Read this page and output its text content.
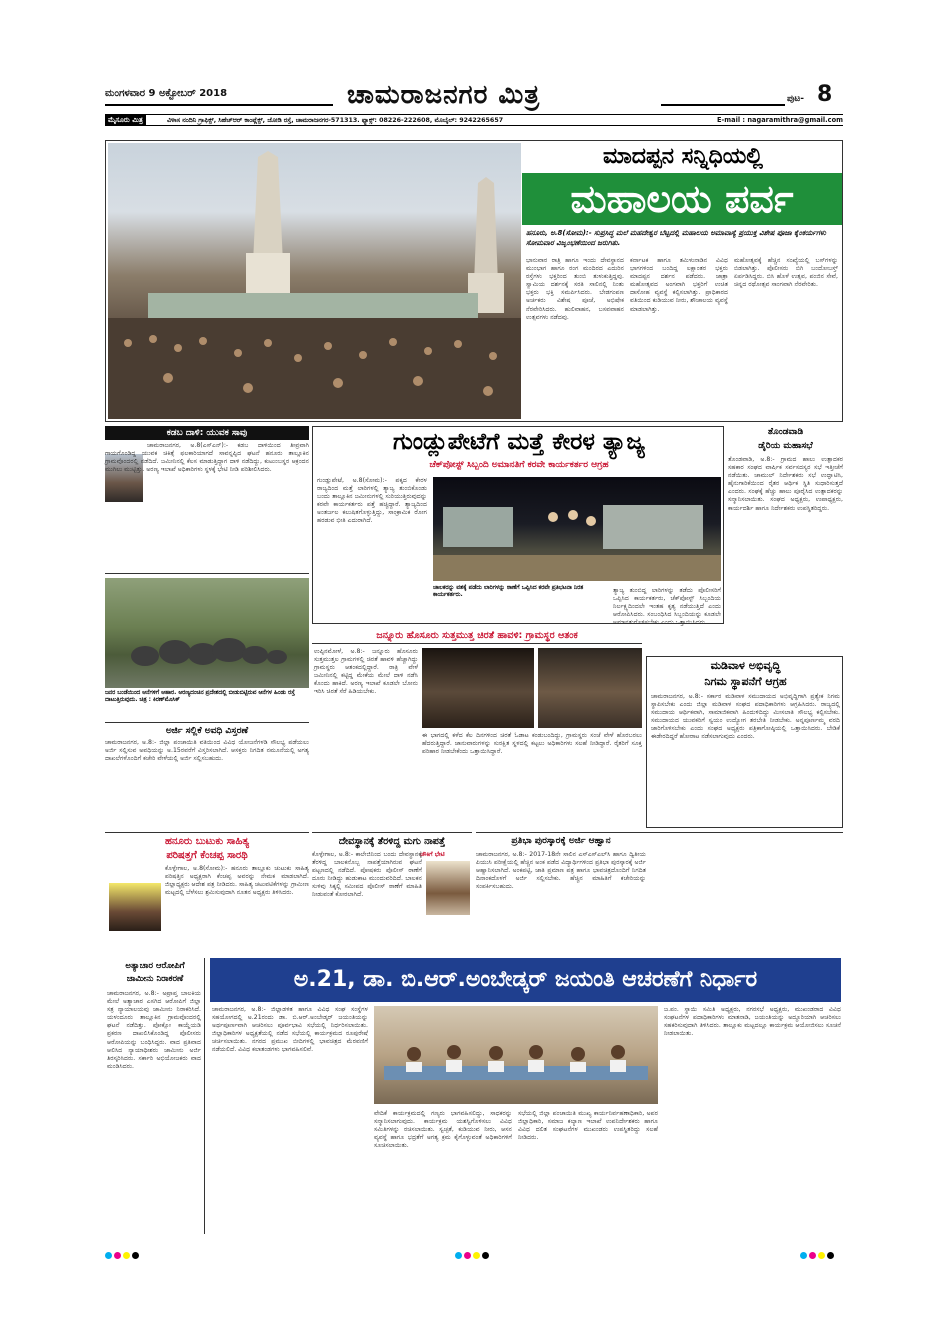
ಮಂಗಳವಾರ 9 ಅಕ್ಟೋಬರ್ 2018	ಚಾಮರಾಜನಗರ ಮಿತ್ರ	ಪುಟ- 8
ಮೈಸೂರು ಮಿತ್ರ	ವಿಳಾಸ ನಂದಿನಿ ಗ್ರಾಫಿಕ್ಸ್, ಸಿಹೆಚ್‌ಆರ್ ಕಾಂಪ್ಲೆಕ್ಸ್, ಜೋಡಿ ರಸ್ತೆ, ಚಾಮರಾಜನಗರ-571313. ಫ್ಯಾಕ್ಸ್: 08226-222608, ಮೊಬೈಲ್: 9242265657	E-mail : nagaramithra@gmail.com
ಮಾದಪ್ಪನ ಸನ್ನಿಧಿಯಲ್ಲಿ
ಮಹಾಲಯ ಪರ್ವ
ಹನೂರು, ಅ.8(ಸೋಮ):- ಸುಪ್ರಸಿದ್ಧ ಮಲೆ ಮಹದೇಶ್ವರ ಬೆಟ್ಟದಲ್ಲಿ ಮಹಾಲಯ ಅಮಾವಾಸ್ಯೆ ಪ್ರಯುಕ್ತ ವಿಶೇಷ ಪೂಜಾ ಕೈಂಕರ್ಯಗಳು ಸೋಮವಾರ ವಿಜೃಂಭಣೆಯಿಂದ ಜರುಗಿತು.
ಭಾನುವಾರ ರಾತ್ರಿ ಹಾಗೂ ಇಂದು ದೇವಸ್ಥಾನದ ಮುಂಭಾಗ ಹಾಗೂ ರಂಗ ಮಂದಿರದ ಎದುರಿನ ರಸ್ತೆಗಳು ಭಕ್ತರಿಂದ ತುಂಬಿ ತುಳುಕುತ್ತಿದ್ದವು. ಸ್ವಾಮಿಯ ದರ್ಶನಕ್ಕೆ ಸರತಿ ಸಾಲಿನಲ್ಲಿ ನಿಂತು ಭಕ್ತರು ಭಕ್ತಿ ಸಮರ್ಪಿಸಿದರು. ಬೇಡಗಂಪಣ ಅರ್ಚಕರು ವಿಶೇಷ ಪೂಜೆ, ಅಭಿಷೇಕ ನೆರವೇರಿಸಿದರು. ಹುಲಿವಾಹನ, ಬಸವವಾಹನ ಉತ್ಸವಗಳು ನಡೆದವು.
ಕರ್ನಾಟಕ ಹಾಗೂ ತಮಿಳುನಾಡಿನ ವಿವಿಧ ಭಾಗಗಳಿಂದ ಬಂದಿದ್ದ ಲಕ್ಷಾಂತರ ಭಕ್ತರು ಮಾದಪ್ಪನ ದರ್ಶನ ಪಡೆದರು. ಜಾತ್ರಾ ಮಹೋತ್ಸವದ ಅಂಗವಾಗಿ ಭಕ್ತರಿಗೆ ಉಚಿತ ದಾಸೋಹ ವ್ಯವಸ್ಥೆ ಕಲ್ಪಿಸಲಾಗಿತ್ತು. ಪ್ರಾಧಿಕಾರದ ವತಿಯಿಂದ ಕುಡಿಯುವ ನೀರು, ಶೌಚಾಲಯ ವ್ಯವಸ್ಥೆ ಮಾಡಲಾಗಿತ್ತು.
ಮಹೋತ್ಸವಕ್ಕೆ ಹೆಚ್ಚಿನ ಸಂಖ್ಯೆಯಲ್ಲಿ ಬಸ್‌ಗಳನ್ನು ಬಿಡಲಾಗಿತ್ತು. ಪೊಲೀಸರು ಬಿಗಿ ಬಂದೋಬಸ್ತ್ ಏರ್ಪಡಿಸಿದ್ದರು. ಬಿಸಿ ಹೊಳೆ ಉತ್ಸವ, ಪಂಜಿನ ಸೇವೆ, ಚಿನ್ನದ ರಥೋತ್ಸವ ಸಾಂಗವಾಗಿ ನೆರವೇರಿತು.
ಕಡಬ ದಾಳಿ: ಯುವಕ ಸಾವು
ಚಾಮರಾಜನಗರ, ಅ.8(ಎಸ್‌ಎನ್):- ಕಡಬ ದಾಳಿಯಿಂದ ತೀವ್ರವಾಗಿ ಗಾಯಗೊಂಡಿದ್ದ ಯುವಕ ಚಿಕಿತ್ಸೆ ಫಲಕಾರಿಯಾಗದೆ ಸಾವನ್ನಪ್ಪಿದ ಘಟನೆ ಹನೂರು ತಾಲ್ಲೂಕಿನ ಗ್ರಾಮವೊಂದರಲ್ಲಿ ನಡೆದಿದೆ. ಜಮೀನಿನಲ್ಲಿ ಕೆಲಸ ಮಾಡುತ್ತಿದ್ದಾಗ ದಾಳಿ ನಡೆದಿದ್ದು, ಕುಟುಂಬಸ್ಥರ ಆಕ್ರಂದನ ಮುಗಿಲು ಮುಟ್ಟಿತ್ತು. ಅರಣ್ಯ ಇಲಾಖೆ ಅಧಿಕಾರಿಗಳು ಸ್ಥಳಕ್ಕೆ ಭೇಟಿ ನೀಡಿ ಪರಿಶೀಲಿಸಿದರು.
ಜನರ ಬಂಡೆಯಿಂದ ಆನೆಗಳಿಗೆ ಆಹಾರ. ಅರಣ್ಯದಂಚಿನ ಪ್ರದೇಶದಲ್ಲಿ ಬೀಡುಬಿಟ್ಟಿರುವ ಆನೆಗಳ ಹಿಂಡು ರಸ್ತೆ ದಾಟುತ್ತಿರುವುದು. ಚಿತ್ರ : ಕಿರಣ್‌ಮೊಸಿಕ್
ಅರ್ಜಿ ಸಲ್ಲಿಕೆ ಅವಧಿ ವಿಸ್ತರಣೆ
ಚಾಮರಾಜನಗರ, ಅ.8:- ಜಿಲ್ಲಾ ಪಂಚಾಯಿತಿ ವತಿಯಿಂದ ವಿವಿಧ ಯೋಜನೆಗಳಡಿ ಸೌಲಭ್ಯ ಪಡೆಯಲು ಅರ್ಜಿ ಸಲ್ಲಿಸುವ ಅವಧಿಯನ್ನು ಅ.15ರವರೆಗೆ ವಿಸ್ತರಿಸಲಾಗಿದೆ. ಆಸಕ್ತರು ನಿಗದಿತ ನಮೂನೆಯಲ್ಲಿ ಅಗತ್ಯ ದಾಖಲೆಗಳೊಂದಿಗೆ ಕಚೇರಿ ವೇಳೆಯಲ್ಲಿ ಅರ್ಜಿ ಸಲ್ಲಿಸಬಹುದು.
ಗುಂಡ್ಲುಪೇಟೆಗೆ ಮತ್ತೆ ಕೇರಳ ತ್ಯಾಜ್ಯ
ಚೆಕ್‌ಪೋಸ್ಟ್ ಸಿಬ್ಬಂದಿ ಅಮಾನತಿಗೆ ಕರವೇ ಕಾರ್ಯಕರ್ತರ ಆಗ್ರಹ
ಗುಂಡ್ಲುಪೇಟೆ, ಅ.8(ಸೋಮ):- ಪಕ್ಕದ ಕೇರಳ ರಾಜ್ಯದಿಂದ ಮತ್ತೆ ಲಾರಿಗಳಲ್ಲಿ ತ್ಯಾಜ್ಯ ತುಂಬಿಕೊಂಡು ಬಂದು ತಾಲ್ಲೂಕಿನ ಜಮೀನುಗಳಲ್ಲಿ ಸುರಿಯುತ್ತಿರುವುದನ್ನು ಕರವೇ ಕಾರ್ಯಕರ್ತರು ಪತ್ತೆ ಹಚ್ಚಿದ್ದಾರೆ. ತ್ಯಾಜ್ಯದಿಂದ ಅಂತರ್ಜಲ ಕಲುಷಿತಗೊಳ್ಳುತ್ತಿದ್ದು, ಸಾಂಕ್ರಾಮಿಕ ರೋಗ ಹರಡುವ ಭೀತಿ ಎದುರಾಗಿದೆ.
ತ್ಯಾಜ್ಯ ತುಂಬಿದ್ದ ಲಾರಿಗಳನ್ನು ತಡೆದು ಪೊಲೀಸರಿಗೆ ಒಪ್ಪಿಸಿದ ಕಾರ್ಯಕರ್ತರು, ಚೆಕ್‌ಪೋಸ್ಟ್ ಸಿಬ್ಬಂದಿಯ ನಿರ್ಲಕ್ಷ್ಯದಿಂದಲೇ ಇಂತಹ ಕೃತ್ಯ ನಡೆಯುತ್ತಿದೆ ಎಂದು ಆರೋಪಿಸಿದರು. ಸಂಬಂಧಿಸಿದ ಸಿಬ್ಬಂದಿಯನ್ನು ಕೂಡಲೇ ಅಮಾನತುಗೊಳಿಸಬೇಕು ಎಂದು ಒತ್ತಾಯಿಸಿದರು.
ಚಾಲಕರನ್ನು ವಶಕ್ಕೆ ಪಡೆದು ಲಾರಿಗಳನ್ನು ಠಾಣೆಗೆ ಒಪ್ಪಿಸಿದ ಕರವೇ ಪ್ರತಿಭಟನಾ ನಿರತ ಕಾರ್ಯಕರ್ತರು.
ತೊಂಡವಾಡಿ
ಡೈರಿಯ ಮಹಾಸಭೆ
ತೊಂಡವಾಡಿ, ಅ.8:- ಗ್ರಾಮದ ಹಾಲು ಉತ್ಪಾದಕರ ಸಹಕಾರ ಸಂಘದ ವಾರ್ಷಿಕ ಸರ್ವಸದಸ್ಯರ ಸಭೆ ಇತ್ತೀಚೆಗೆ ನಡೆಯಿತು. ಚಾಮುಲ್ ನಿರ್ದೇಶಕರು ಸಭೆ ಉದ್ಘಾಟಿಸಿ, ಹೈನುಗಾರಿಕೆಯಿಂದ ರೈತರ ಆರ್ಥಿಕ ಸ್ಥಿತಿ ಸುಧಾರಿಸುತ್ತದೆ ಎಂದರು. ಸಂಘಕ್ಕೆ ಹೆಚ್ಚು ಹಾಲು ಪೂರೈಸಿದ ಉತ್ಪಾದಕರನ್ನು ಸನ್ಮಾನಿಸಲಾಯಿತು. ಸಂಘದ ಅಧ್ಯಕ್ಷರು, ಉಪಾಧ್ಯಕ್ಷರು, ಕಾರ್ಯದರ್ಶಿ ಹಾಗೂ ನಿರ್ದೇಶಕರು ಉಪಸ್ಥಿತರಿದ್ದರು.
ಜನ್ನೂರು ಹೊಸೂರು ಸುತ್ತಮುತ್ತ ಚಿರತೆ ಹಾವಳಿ: ಗ್ರಾಮಸ್ಥರ ಆತಂಕ
ಉಪ್ಪಿನಮೋಳೆ, ಅ.8:- ಜನ್ನೂರು ಹೊಸೂರು ಸುತ್ತಮುತ್ತಲ ಗ್ರಾಮಗಳಲ್ಲಿ ಚಿರತೆ ಹಾವಳಿ ಹೆಚ್ಚಾಗಿದ್ದು ಗ್ರಾಮಸ್ಥರು ಆತಂಕದಲ್ಲಿದ್ದಾರೆ. ರಾತ್ರಿ ವೇಳೆ ಜಮೀನಿನಲ್ಲಿ ಕಟ್ಟಿದ್ದ ಮೇಕೆಯ ಮೇಲೆ ದಾಳಿ ನಡೆಸಿ ಕೊಂದು ಹಾಕಿದೆ. ಅರಣ್ಯ ಇಲಾಖೆ ಕೂಡಲೇ ಬೋನು ಇರಿಸಿ ಚಿರತೆ ಸೆರೆ ಹಿಡಿಯಬೇಕು.
ಈ ಭಾಗದಲ್ಲಿ ಕಳೆದ ಕೆಲ ದಿನಗಳಿಂದ ಚಿರತೆ ಓಡಾಟ ಕಂಡುಬಂದಿದ್ದು, ಗ್ರಾಮಸ್ಥರು ಸಂಜೆ ವೇಳೆ ಹೊರಬರಲು ಹೆದರುತ್ತಿದ್ದಾರೆ. ಜಾನುವಾರುಗಳನ್ನು ಸುರಕ್ಷಿತ ಸ್ಥಳದಲ್ಲಿ ಕಟ್ಟಲು ಅಧಿಕಾರಿಗಳು ಸಲಹೆ ನೀಡಿದ್ದಾರೆ. ರೈತರಿಗೆ ಸೂಕ್ತ ಪರಿಹಾರ ನೀಡಬೇಕೆಂದು ಒತ್ತಾಯಿಸಿದ್ದಾರೆ.
ಮಡಿವಾಳ ಅಭಿವೃದ್ಧಿ
ನಿಗಮ ಸ್ಥಾಪನೆಗೆ ಆಗ್ರಹ
ಚಾಮರಾಜನಗರ, ಅ.8:- ಸರ್ಕಾರ ಮಡಿವಾಳ ಸಮುದಾಯದ ಅಭಿವೃದ್ಧಿಗಾಗಿ ಪ್ರತ್ಯೇಕ ನಿಗಮ ಸ್ಥಾಪಿಸಬೇಕು ಎಂದು ಜಿಲ್ಲಾ ಮಡಿವಾಳ ಸಂಘದ ಪದಾಧಿಕಾರಿಗಳು ಆಗ್ರಹಿಸಿದರು. ರಾಜ್ಯದಲ್ಲಿ ಸಮುದಾಯ ಆರ್ಥಿಕವಾಗಿ, ಸಾಮಾಜಿಕವಾಗಿ ಹಿಂದುಳಿದಿದ್ದು ಮೀಸಲಾತಿ ಸೌಲಭ್ಯ ಕಲ್ಪಿಸಬೇಕು. ಸಮುದಾಯದ ಯುವಕರಿಗೆ ಸ್ವಯಂ ಉದ್ಯೋಗ ತರಬೇತಿ ನೀಡಬೇಕು. ಅನ್ನಪೂರ್ಣಮ್ಮ ವರದಿ ಜಾರಿಗೊಳಿಸಬೇಕು ಎಂದು ಸಂಘದ ಅಧ್ಯಕ್ಷರು ಪತ್ರಿಕಾಗೋಷ್ಠಿಯಲ್ಲಿ ಒತ್ತಾಯಿಸಿದರು. ಬೇಡಿಕೆ ಈಡೇರದಿದ್ದರೆ ಹೋರಾಟ ನಡೆಸಲಾಗುವುದು ಎಂದರು.
ಹನೂರು ಬುಟುಕು ಸಾಹಿತ್ಯ
ಪರಿಷತ್ತಗೆ ಕೆಂಚಪ್ಪ ಸಾರಥಿ
ಕೊಳ್ಳೇಗಾಲ, ಅ.8(ಸೋಮ):- ಹನೂರು ತಾಲ್ಲೂಕು ಚುಟುಕು ಸಾಹಿತ್ಯ ಪರಿಷತ್ತಿನ ಅಧ್ಯಕ್ಷರಾಗಿ ಕೆಂಚಪ್ಪ ಅವರನ್ನು ನೇಮಕ ಮಾಡಲಾಗಿದೆ. ಜಿಲ್ಲಾಧ್ಯಕ್ಷರು ಆದೇಶ ಪತ್ರ ನೀಡಿದರು. ಸಾಹಿತ್ಯ ಚಟುವಟಿಕೆಗಳನ್ನು ಗ್ರಾಮೀಣ ಮಟ್ಟದಲ್ಲಿ ಬೆಳೆಸಲು ಶ್ರಮಿಸುವುದಾಗಿ ನೂತನ ಅಧ್ಯಕ್ಷರು ತಿಳಿಸಿದರು.
ದೇವಸ್ಥಾನಕ್ಕೆ ತೆರಳಿದ್ದ ಮಗು ನಾಪತ್ತೆ
ಚೌಕಿಗೆ ಭೇಟಿ
ಕೊಳ್ಳೇಗಾಲ, ಅ.8:- ಕಾಲೇಜಿನಿಂದ ಬಂದು ದೇವಸ್ಥಾನಕ್ಕೆ ತೆರಳಿದ್ದ ಬಾಲಕನೊಬ್ಬ ನಾಪತ್ತೆಯಾಗಿರುವ ಘಟನೆ ಪಟ್ಟಣದಲ್ಲಿ ನಡೆದಿದೆ. ಪೋಷಕರು ಪೊಲೀಸ್ ಠಾಣೆಗೆ ದೂರು ನೀಡಿದ್ದು ಹುಡುಕಾಟ ಮುಂದುವರಿದಿದೆ. ಬಾಲಕನ ಸುಳಿವು ಸಿಕ್ಕಲ್ಲಿ ಸಮೀಪದ ಪೊಲೀಸ್ ಠಾಣೆಗೆ ಮಾಹಿತಿ ನೀಡುವಂತೆ ಕೋರಲಾಗಿದೆ.
ಪ್ರತಿಭಾ ಪುರಸ್ಕಾರಕ್ಕೆ ಅರ್ಜಿ ಆಹ್ವಾನ
ಚಾಮರಾಜನಗರ, ಅ.8:- 2017-18ನೇ ಸಾಲಿನ ಎಸ್‌ಎಸ್‌ಎಲ್‌ಸಿ ಹಾಗೂ ದ್ವಿತೀಯ ಪಿಯುಸಿ ಪರೀಕ್ಷೆಯಲ್ಲಿ ಹೆಚ್ಚಿನ ಅಂಕ ಪಡೆದ ವಿದ್ಯಾರ್ಥಿಗಳಿಂದ ಪ್ರತಿಭಾ ಪುರಸ್ಕಾರಕ್ಕೆ ಅರ್ಜಿ ಆಹ್ವಾನಿಸಲಾಗಿದೆ. ಅಂಕಪಟ್ಟಿ, ಜಾತಿ ಪ್ರಮಾಣ ಪತ್ರ ಹಾಗೂ ಭಾವಚಿತ್ರದೊಂದಿಗೆ ನಿಗದಿತ ದಿನಾಂಕದೊಳಗೆ ಅರ್ಜಿ ಸಲ್ಲಿಸಬೇಕು. ಹೆಚ್ಚಿನ ಮಾಹಿತಿಗೆ ಕಚೇರಿಯನ್ನು ಸಂಪರ್ಕಿಸಬಹುದು.
ಅತ್ಯಾಚಾರ ಆರೋಪಿಗೆ
ಜಾಮೀನು ನಿರಾಕರಣೆ
ಚಾಮರಾಜನಗರ, ಅ.8:- ಅಪ್ರಾಪ್ತ ಬಾಲಕಿಯ ಮೇಲೆ ಅತ್ಯಾಚಾರ ಎಸಗಿದ ಆರೋಪಿಗೆ ಜಿಲ್ಲಾ ಸತ್ರ ನ್ಯಾಯಾಲಯವು ಜಾಮೀನು ನಿರಾಕರಿಸಿದೆ. ಯಳಂದೂರು ತಾಲ್ಲೂಕಿನ ಗ್ರಾಮವೊಂದರಲ್ಲಿ ಘಟನೆ ನಡೆದಿತ್ತು. ಪೋಕ್ಸೋ ಕಾಯ್ದೆಯಡಿ ಪ್ರಕರಣ ದಾಖಲಿಸಿಕೊಂಡಿದ್ದ ಪೊಲೀಸರು ಆರೋಪಿಯನ್ನು ಬಂಧಿಸಿದ್ದರು. ವಾದ ಪ್ರತಿವಾದ ಆಲಿಸಿದ ನ್ಯಾಯಾಧೀಶರು ಜಾಮೀನು ಅರ್ಜಿ ತಿರಸ್ಕರಿಸಿದರು. ಸರ್ಕಾರಿ ಅಭಿಯೋಜಕರು ವಾದ ಮಂಡಿಸಿದರು.
ಅ.21, ಡಾ. ಬಿ.ಆರ್.ಅಂಬೇಡ್ಕರ್ ಜಯಂತಿ ಆಚರಣೆಗೆ ನಿರ್ಧಾರ
ಚಾಮರಾಜನಗರ, ಅ.8:- ಜಿಲ್ಲಾಡಳಿತ ಹಾಗೂ ವಿವಿಧ ಸಂಘ ಸಂಸ್ಥೆಗಳ ಸಹಯೋಗದಲ್ಲಿ ಅ.21ರಂದು ಡಾ. ಬಿ.ಆರ್.ಅಂಬೇಡ್ಕರ್ ಜಯಂತಿಯನ್ನು ಅರ್ಥಪೂರ್ಣವಾಗಿ ಆಚರಿಸಲು ಪೂರ್ವಭಾವಿ ಸಭೆಯಲ್ಲಿ ನಿರ್ಧರಿಸಲಾಯಿತು. ಜಿಲ್ಲಾಧಿಕಾರಿಗಳ ಅಧ್ಯಕ್ಷತೆಯಲ್ಲಿ ನಡೆದ ಸಭೆಯಲ್ಲಿ ಕಾರ್ಯಕ್ರಮದ ರೂಪುರೇಷೆ ಚರ್ಚಿಸಲಾಯಿತು. ನಗರದ ಪ್ರಮುಖ ಬೀದಿಗಳಲ್ಲಿ ಭಾವಚಿತ್ರದ ಮೆರವಣಿಗೆ ನಡೆಯಲಿದೆ. ವಿವಿಧ ಕಲಾತಂಡಗಳು ಭಾಗವಹಿಸಲಿವೆ.
ವೇದಿಕೆ ಕಾರ್ಯಕ್ರಮದಲ್ಲಿ ಗಣ್ಯರು ಭಾಗವಹಿಸಲಿದ್ದು, ಸಾಧಕರನ್ನು ಸನ್ಮಾನಿಸಲಾಗುವುದು. ಕಾರ್ಯಕ್ರಮ ಯಶಸ್ವಿಗೊಳಿಸಲು ವಿವಿಧ ಸಮಿತಿಗಳನ್ನು ರಚಿಸಲಾಯಿತು. ಸ್ವಚ್ಛತೆ, ಕುಡಿಯುವ ನೀರು, ಆಸನ ವ್ಯವಸ್ಥೆ ಹಾಗೂ ಭದ್ರತೆಗೆ ಅಗತ್ಯ ಕ್ರಮ ಕೈಗೊಳ್ಳುವಂತೆ ಅಧಿಕಾರಿಗಳಿಗೆ ಸೂಚಿಸಲಾಯಿತು.
ಸಭೆಯಲ್ಲಿ ಜಿಲ್ಲಾ ಪಂಚಾಯಿತಿ ಮುಖ್ಯ ಕಾರ್ಯನಿರ್ವಹಣಾಧಿಕಾರಿ, ಅಪರ ಜಿಲ್ಲಾಧಿಕಾರಿ, ಸಮಾಜ ಕಲ್ಯಾಣ ಇಲಾಖೆ ಉಪನಿರ್ದೇಶಕರು ಹಾಗೂ ವಿವಿಧ ದಲಿತ ಸಂಘಟನೆಗಳ ಮುಖಂಡರು ಉಪಸ್ಥಿತರಿದ್ದು ಸಲಹೆ ನೀಡಿದರು.
ಜ.ಪಂ. ಸ್ಥಾಯಿ ಸಮಿತಿ ಅಧ್ಯಕ್ಷರು, ನಗರಸಭೆ ಅಧ್ಯಕ್ಷರು, ಮುಖಂಡರಾದ ವಿವಿಧ ಸಂಘಟನೆಗಳ ಪದಾಧಿಕಾರಿಗಳು ಮಾತನಾಡಿ, ಜಯಂತಿಯನ್ನು ಅದ್ದೂರಿಯಾಗಿ ಆಚರಿಸಲು ಸಹಕರಿಸುವುದಾಗಿ ತಿಳಿಸಿದರು. ತಾಲ್ಲೂಕು ಮಟ್ಟದಲ್ಲೂ ಕಾರ್ಯಕ್ರಮ ಆಯೋಜಿಸಲು ಸೂಚನೆ ನೀಡಲಾಯಿತು.
